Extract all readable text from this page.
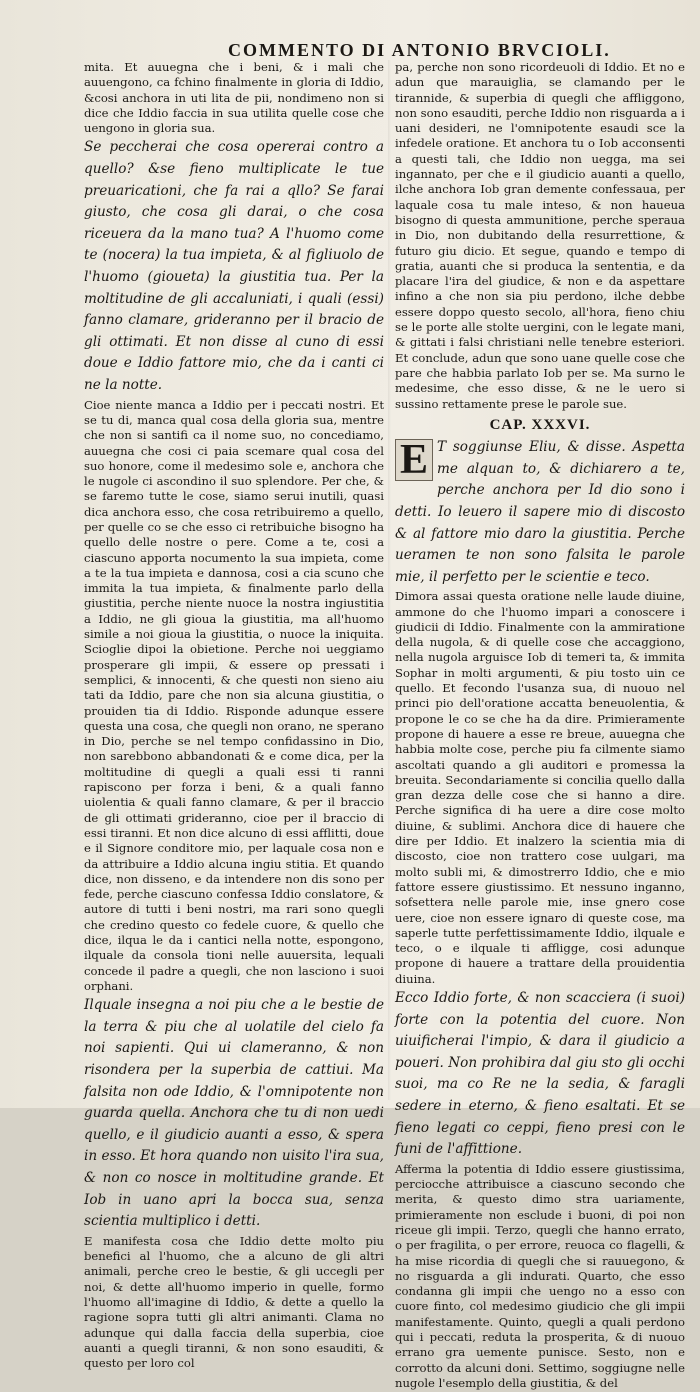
COMMENTO DI ANTONIO BRVCIOLI.

mita. Et auuegna che i beni, & i mali che auuengono, ca fchino finalmente in gloria di Iddio, &cosi anchora in uti lita de pii, nondimeno non si dice che Iddio faccia in sua utilita quelle cose che uengono in gloria sua.

Se peccherai che cosa opererai contro a quello? &se fieno multiplicate le tue preuaricationi, che fa rai a qllo? Se farai giusto, che cosa gli darai, o che cosa riceuera da la mano tua? A l'huomo come te (nocera) la tua impieta, & al figliuolo de l'huomo (gioueta) la giustitia tua. Per la moltitudine de gli accaluniati, i quali (essi) fanno clamare, grideranno per il bracio de gli ottimati. Et non disse al cuno di essi doue e Iddio fattore mio, che da i canti ci ne la notte.

Cioe niente manca a Iddio per i peccati nostri. Et se tu di, manca qual cosa della gloria sua, mentre che non si santifi ca il nome suo, no concediamo, auuegna che cosi ci paia scemare qual cosa del suo honore, come il medesimo sole e, anchora che le nugole ci ascondino il suo splendore. Per che, & se faremo tutte le cose, siamo serui inutili, quasi dica anchora esso, che cosa retribuiremo a quello, per quelle co se che esso ci retribuiche bisogno ha quello delle nostre o pere. Come a te, cosi a ciascuno apporta nocumento la sua impieta, come a te la tua impieta e dannosa, cosi a cia scuno che immita la tua impieta, & finalmente parlo della giustitia, perche niente nuoce la nostra ingiustitia a Iddio, ne gli gioua la giustitia, ma all'huomo simile a noi gioua la giustitia, o nuoce la iniquita. Scioglie dipoi la obietione. Perche noi ueggiamo prosperare gli impii, & essere op pressati i semplici, & innocenti, & che questi non sieno aiu tati da Iddio, pare che non sia alcuna giustitia, o prouiden tia di Iddio. Risponde adunque essere questa una cosa, che quegli non orano, ne sperano in Dio, perche se nel tempo confidassino in Dio, non sarebbono abbandonati & e come dica, per la moltitudine di quegli a quali essi ti ranni rapiscono per forza i beni, & a quali fanno uiolentia & quali fanno clamare, & per il braccio de gli ottimati grideranno, cioe per il braccio di essi tiranni. Et non dice alcuno di essi afflitti, doue e il Signore conditore mio, per laquale cosa non e da attribuire a Iddio alcuna ingiu stitia. Et quando dice, non disseno, e da intendere non dis sono per fede, perche ciascuno confessa Iddio conslatore, & autore di tutti i beni nostri, ma rari sono quegli che credino questo co fedele cuore, & quello che dice, ilqua le da i cantici nella notte, espongono, ilquale da consola tioni nelle auuersita, lequali concede il padre a quegli, che non lasciono i suoi orphani.

Ilquale insegna a noi piu che a le bestie de la terra & piu che al uolatile del cielo fa noi sapienti. Qui ui clameranno, & non risondera per la superbia de cattiui. Ma falsita non ode Iddio, & l'omnipotente non guarda quella. Anchora che tu di non uedi quello, e il giudicio auanti a esso, & spera in esso. Et hora quando non uisito l'ira sua, & non co nosce in moltitudine grande. Et Iob in uano apri la bocca sua, senza scientia multiplico i detti.

E manifesta cosa che Iddio dette molto piu benefici al l'huomo, che a alcuno de gli altri animali, perche creo le bestie, & gli uccegli per noi, & dette all'huomo imperio in quelle, formo l'huomo all'imagine di Iddio, & dette a quello la ragione sopra tutti gli altri animanti. Clama no adunque qui dalla faccia della superbia, cioe auanti a quegli tiranni, & non sono esauditi, & questo per loro col

pa, perche non sono ricordeuoli di Iddio. Et no e adun que marauiglia, se clamando per le tirannide, & superbia di quegli che affliggono, non sono esauditi, perche Iddio non risguarda a i uani desideri, ne l'omnipotente esaudi sce la infedele oratione. Et anchora tu o Iob acconsenti a questi tali, che Iddio non uegga, ma sei ingannato, per che e il giudicio auanti a quello, ilche anchora Iob gran demente confessaua, per laquale cosa tu male inteso, & non haueua bisogno di questa ammunitione, perche speraua in Dio, non dubitando della resurrettione, & futuro giu dicio. Et segue, quando e tempo di gratia, auanti che si produca la sententia, e da placare l'ira del giudice, & non e da aspettare infino a che non sia piu perdono, ilche debbe essere doppo questo secolo, all'hora, fieno chiu se le porte alle stolte uergini, con le legate mani, & gittati i falsi christiani nelle tenebre esteriori. Et conclude, adun que sono uane quelle cose che pare che habbia parlato Iob per se. Ma surno le medesime, che esso disse, & ne le uero si sussino rettamente prese le parole sue.

CAP. XXXVI.
E T soggiunse Eliu, & disse. Aspetta me alquan to, & dichiarero a te, perche anchora per Id dio sono i detti. Io leuero il sapere mio di discosto & al fattore mio daro la giustitia. Perche ueramen te non sono falsita le parole mie, il perfetto per le scientie e teco.

Dimora assai questa oratione nelle laude diuine, ammone do che l'huomo impari a conoscere i giudicii di Iddio. Finalmente con la ammiratione della nugola, & di quelle cose che accaggiono, nella nugola arguisce Iob di temeri ta, & immita Sophar in molti argumenti, & piu tosto uin ce quello. Et fecondo l'usanza sua, di nuouo nel princi pio dell'oratione accatta beneuolentia, & propone le co se che ha da dire. Primieramente propone di hauere a esse re breue, auuegna che habbia molte cose, perche piu fa cilmente siamo ascoltati quando a gli auditori e promessa la breuita. Secondariamente si concilia quello dalla gran dezza delle cose che si hanno a dire. Perche significa di ha uere a dire cose molto diuine, & sublimi. Anchora dice di hauere che dire per Iddio. Et inalzero la scientia mia di discosto, cioe non trattero cose uulgari, ma molto subli mi, & dimostrerro Iddio, che e mio fattore essere giustissimo. Et nessuno inganno, sofsettera nelle parole mie, inse gnero cose uere, cioe non essere ignaro di queste cose, ma saperle tutte perfettissimamente Iddio, ilquale e teco, o e ilquale ti affligge, cosi adunque propone di hauere a trattare della prouidentia diuina.

Ecco Iddio forte, & non scacciera (i suoi) forte con la potentia del cuore. Non uiuificherai l'impio, & dara il giudicio a poueri. Non prohibira dal giu sto gli occhi suoi, ma co Re ne la sedia, & faragli sedere in eterno, & fieno esaltati. Et se fieno legati co ceppi, fieno presi con le funi de l'affittione.

Afferma la potentia di Iddio essere giustissima, perciocche attribuisce a ciascuno secondo che merita, & questo dimo stra uariamente, primieramente non esclude i buoni, di poi non riceue gli impii. Terzo, quegli che hanno errato, o per fragilita, o per errore, reuoca co flagelli, & ha mise ricordia di quegli che si rauuegono, & no risguarda a gli indurati. Quarto, che esso condanna gli impii che uengo no a esso con cuore finto, col medesimo giudicio che gli impii manifestamente. Quinto, quegli a quali perdono qui i peccati, reduta la prosperita, & di nuouo errano gra uemente punisce. Sesto, non e corrotto da alcuni doni. Settimo, soggiugne nelle nugole l'esemplo della giustitia, & del
